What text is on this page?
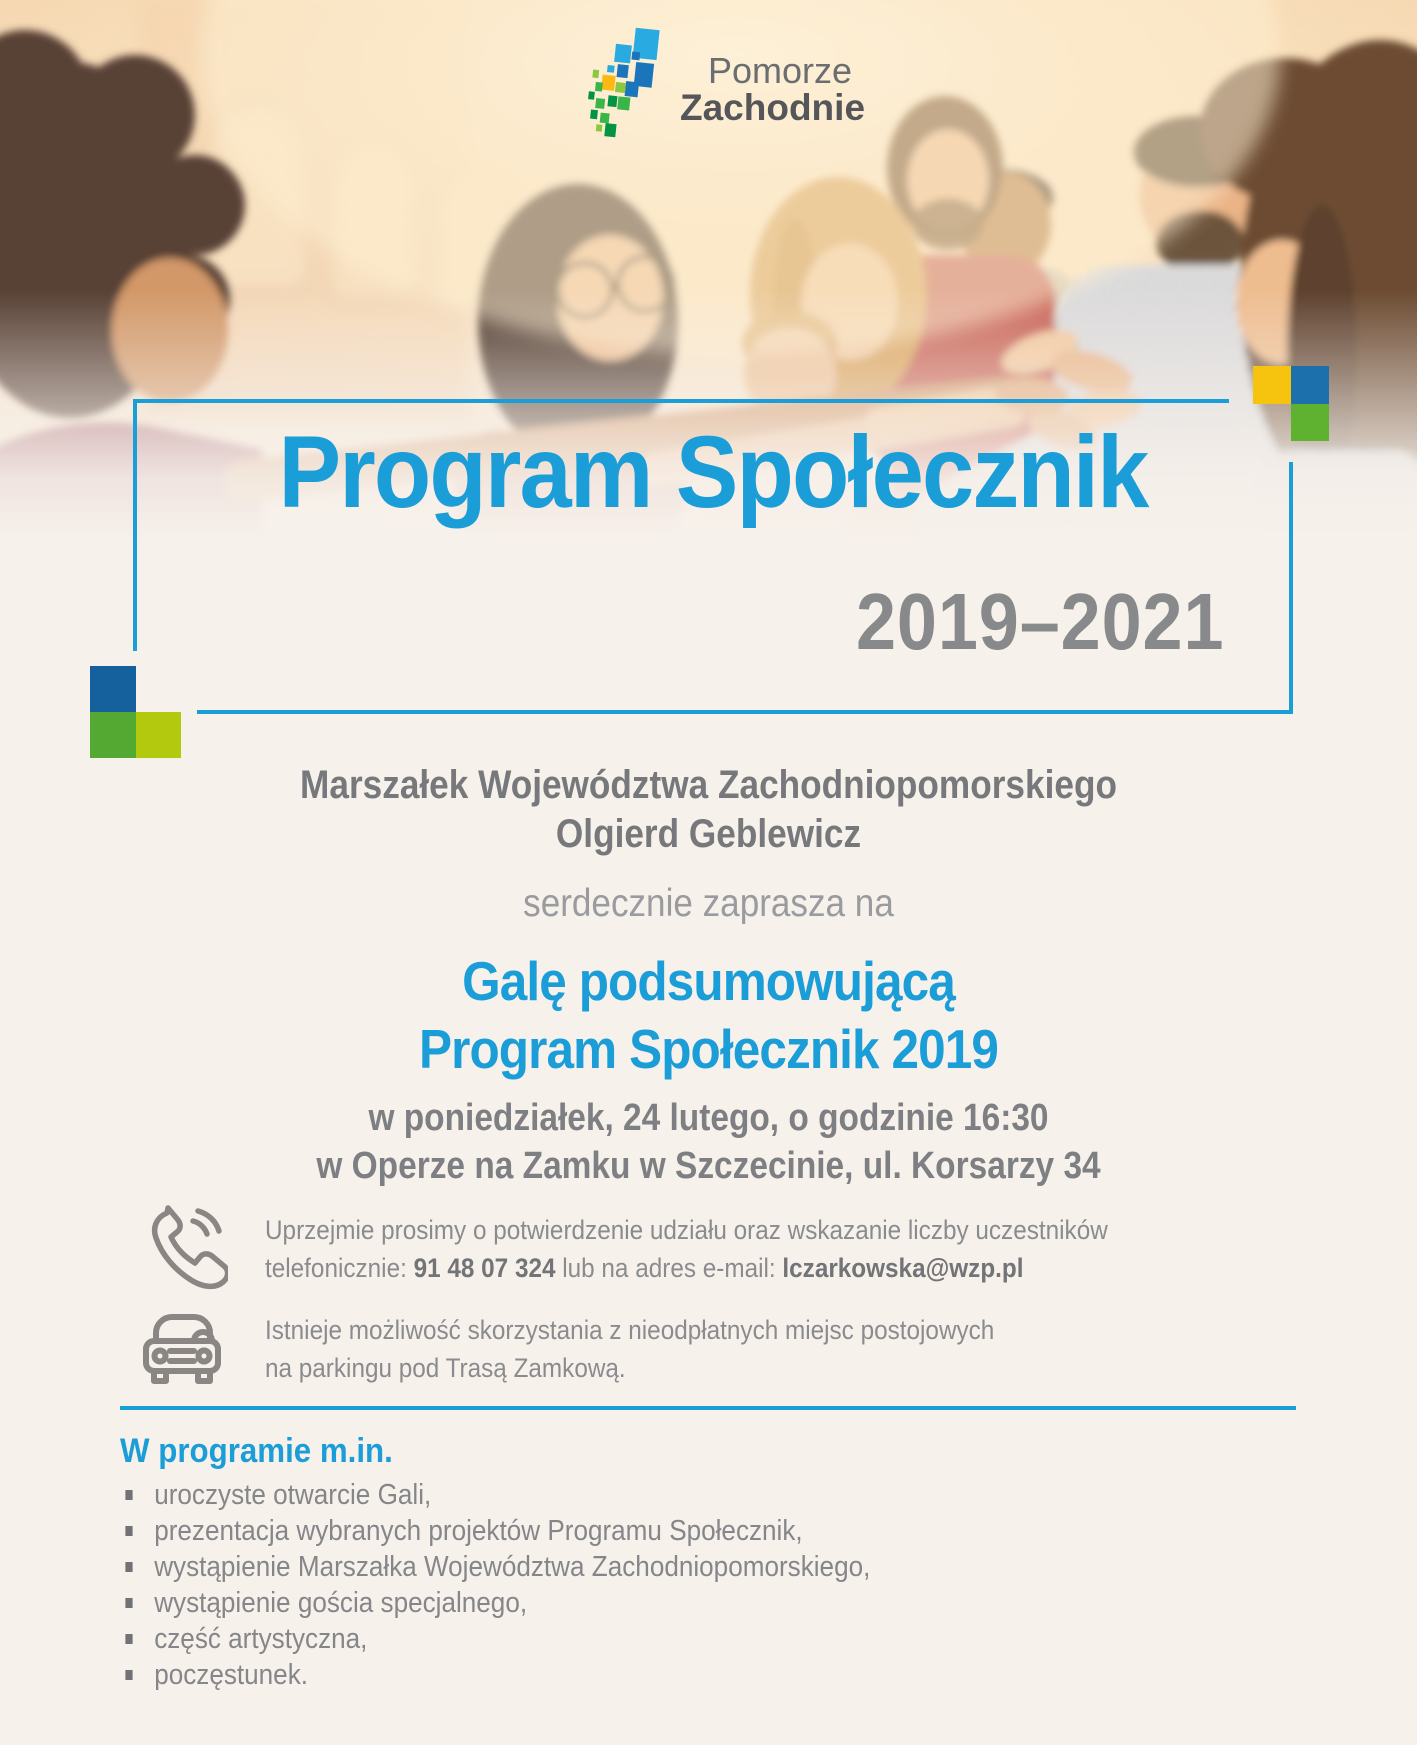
Pomorze
Zachodnie
Program Społecznik
2019–2021

Marszałek Województwa Zachodniopomorskiego

Olgierd Geblewicz

serdecznie zaprasza na

Galę podsumowującą

Program Społecznik 2019

w poniedziałek, 24 lutego, o godzinie 16:30

w Operze na Zamku w Szczecinie, ul. Korsarzy 34

Uprzejmie prosimy o potwierdzenie udziału oraz wskazanie liczby uczestników
telefonicznie: 91 48 07 324 lub na adres e-mail: lczarkowska@wzp.pl

Istnieje możliwość skorzystania z nieodpłatnych miejsc postojowych
na parkingu pod Trasą Zamkową.

W programie m.in.
uroczyste otwarcie Gali,
prezentacja wybranych projektów Programu Społecznik,
wystąpienie Marszałka Województwa Zachodniopomorskiego,
wystąpienie gościa specjalnego,
część artystyczna,
poczęstunek.
